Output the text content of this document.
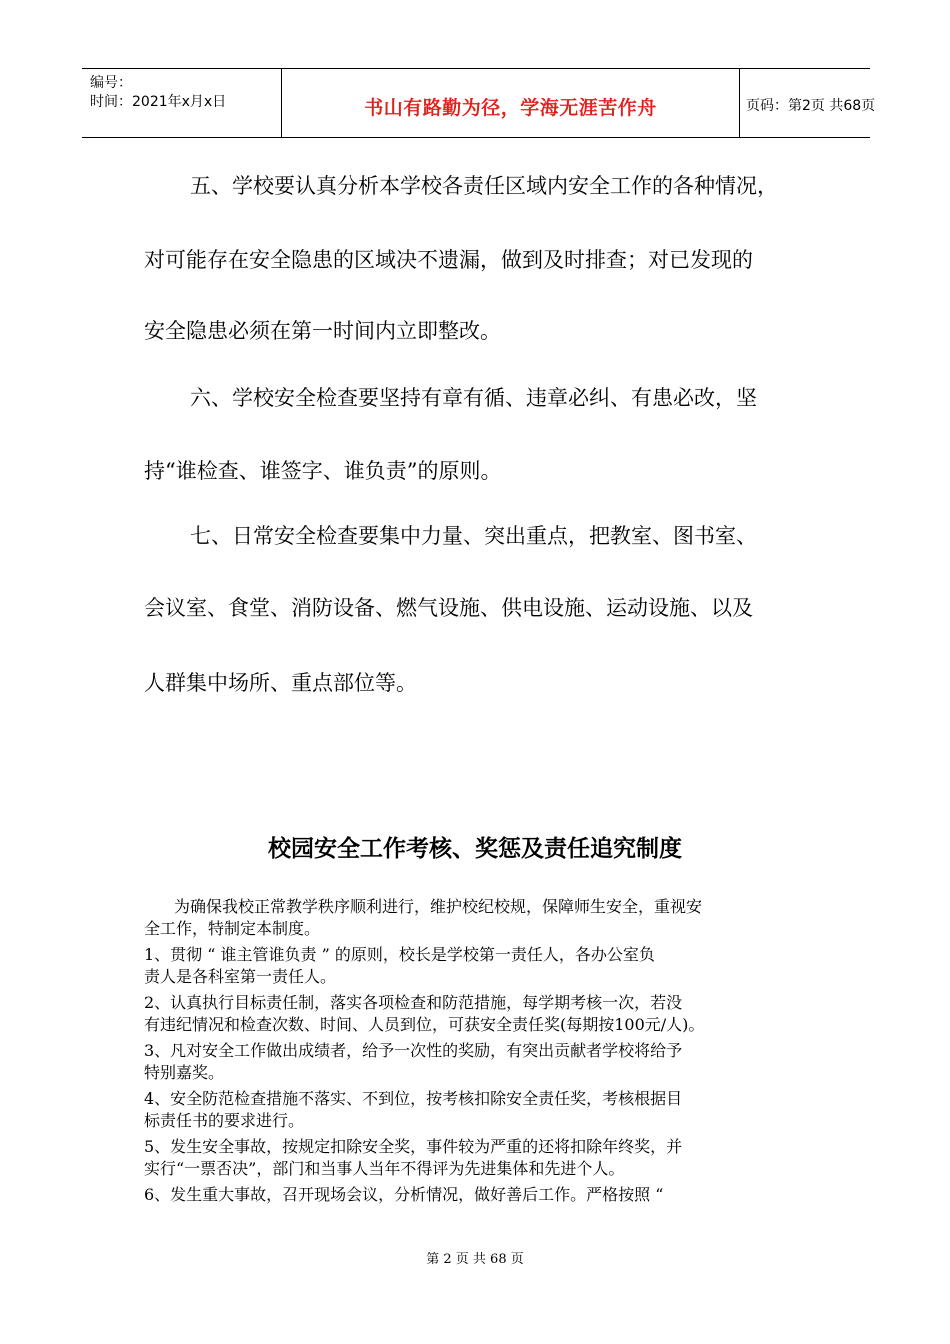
编号：
时间：2021年x月x日	书山有路勤为径，学海无涯苦作舟	页码：第2页 共68页
五、学校要认真分析本学校各责任区域内安全工作的各种情况，
对可能存在安全隐患的区域决不遗漏，做到及时排查；对已发现的
安全隐患必须在第一时间内立即整改。
六、学校安全检查要坚持有章有循、违章必纠、有患必改，坚
持“谁检查、谁签字、谁负责”的原则。
七、日常安全检查要集中力量、突出重点，把教室、图书室、
会议室、食堂、消防设备、燃气设施、供电设施、运动设施、以及
人群集中场所、重点部位等。
校园安全工作考核、奖惩及责任追究制度
为确保我校正常教学秩序顺利进行，维护校纪校规，保障师生安全，重视安
全工作，特制定本制度。
1、贯彻 “ 谁主管谁负责 ” 的原则，校长是学校第一责任人，各办公室负
责人是各科室第一责任人。
2、认真执行目标责任制，落实各项检查和防范措施，每学期考核一次，若没
有违纪情况和检查次数、时间、人员到位，可获安全责任奖(每期按100元/人)。
3、凡对安全工作做出成绩者，给予一次性的奖励，有突出贡献者学校将给予
特别嘉奖。
4、安全防范检查措施不落实、不到位，按考核扣除安全责任奖，考核根据目
标责任书的要求进行。
5、发生安全事故，按规定扣除安全奖，事件较为严重的还将扣除年终奖，并
实行“一票否决”，部门和当事人当年不得评为先进集体和先进个人。
6、发生重大事故，召开现场会议，分析情况，做好善后工作。严格按照 “
第 2 页 共 68 页
